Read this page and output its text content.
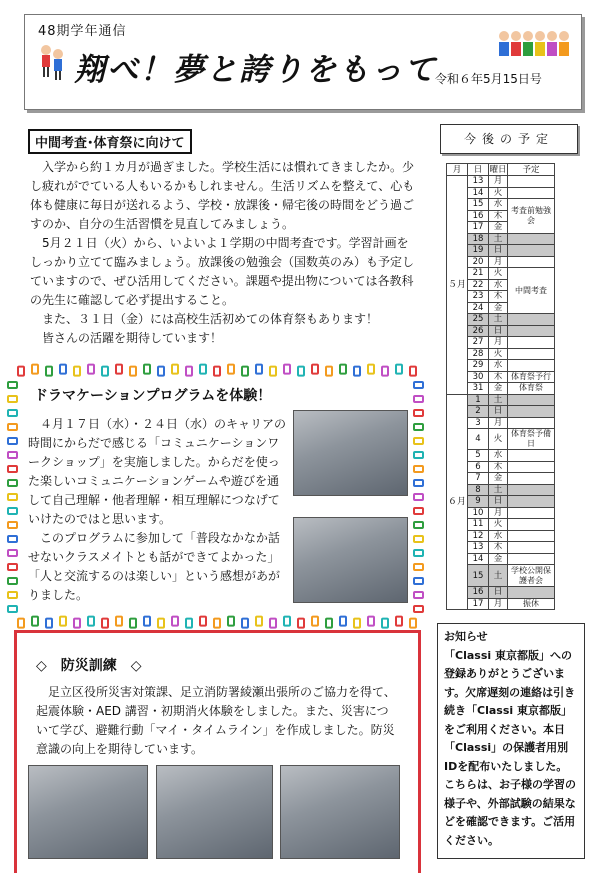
48期学年通信
翔べ！夢と誇りをもって
令和６年5月15日号
中間考査･体育祭に向けて

入学から約１カ月が過ぎました。学校生活には慣れてきましたか。少し疲れがでている人もいるかもしれません。生活リズムを整えて、心も体も健康に毎日が送れるよう、学校・放課後・帰宅後の時間をどう過ごすのか、自分の生活習慣を見直してみましょう。

5月２１日（火）から、いよいよ１学期の中間考査です。学習計画をしっかり立てて臨みましょう。放課後の勉強会（国数英のみ）も予定していますので、ぜひ活用してください。課題や提出物については各教科の先生に確認して必ず提出すること。

また、３１日（金）には高校生活初めての体育祭もあります！

皆さんの活躍を期待しています！

ドラマケーションプログラムを体験！

４月１７日（水）・２４日（水）のキャリアの時間にからだで感じる「コミュニケーションワークショップ」を実施しました。からだを使った楽しいコミュニケーションゲームや遊びを通して自己理解・他者理解・相互理解につなげていけたのではと思います。

このプログラムに参加して「普段なかなか話せないクラスメイトとも話ができてよかった」「人と交流するのは楽しい」という感想があがりました。

◇　防災訓練　◇

足立区役所災害対策課、足立消防署綾瀬出張所のご協力を得て、起震体験・AED 講習・初期消火体験をしました。また、災害について学び、避難行動「マイ・タイムライン」を作成しました。防災意識の向上を期待しています。

今後の予定
月	日	曜日	予定
５月	13	月	
	14	火	
	15	水	考査前勉強会
	16	木	
	17	金	
	18	土	
	19	日	
	20	月	
	21	火	中間考査
	22	水	
	23	木	
	24	金	
	25	土	
	26	日	
	27	月	
	28	火	
	29	水	
	30	木	体育祭予行
	31	金	体育祭
６月	1	土	
	2	日	
	3	月	
	4	火	体育祭予備日
	5	水	
	6	木	
	7	金	
	8	土	
	9	日	
	10	月	
	11	火	
	12	水	
	13	木	
	14	金	
	15	土	学校公開保護者会
	16	日	
	17	月	振休
お知らせ
「Classi 東京都版」への登録ありがとうございます。欠席遅刻の連絡は引き続き「Classi 東京都版」をご利用ください。本日「Classi」の保護者用別IDを配布いたしました。こちらは、お子様の学習の様子や、外部試験の結果などを確認できます。ご活用ください。
